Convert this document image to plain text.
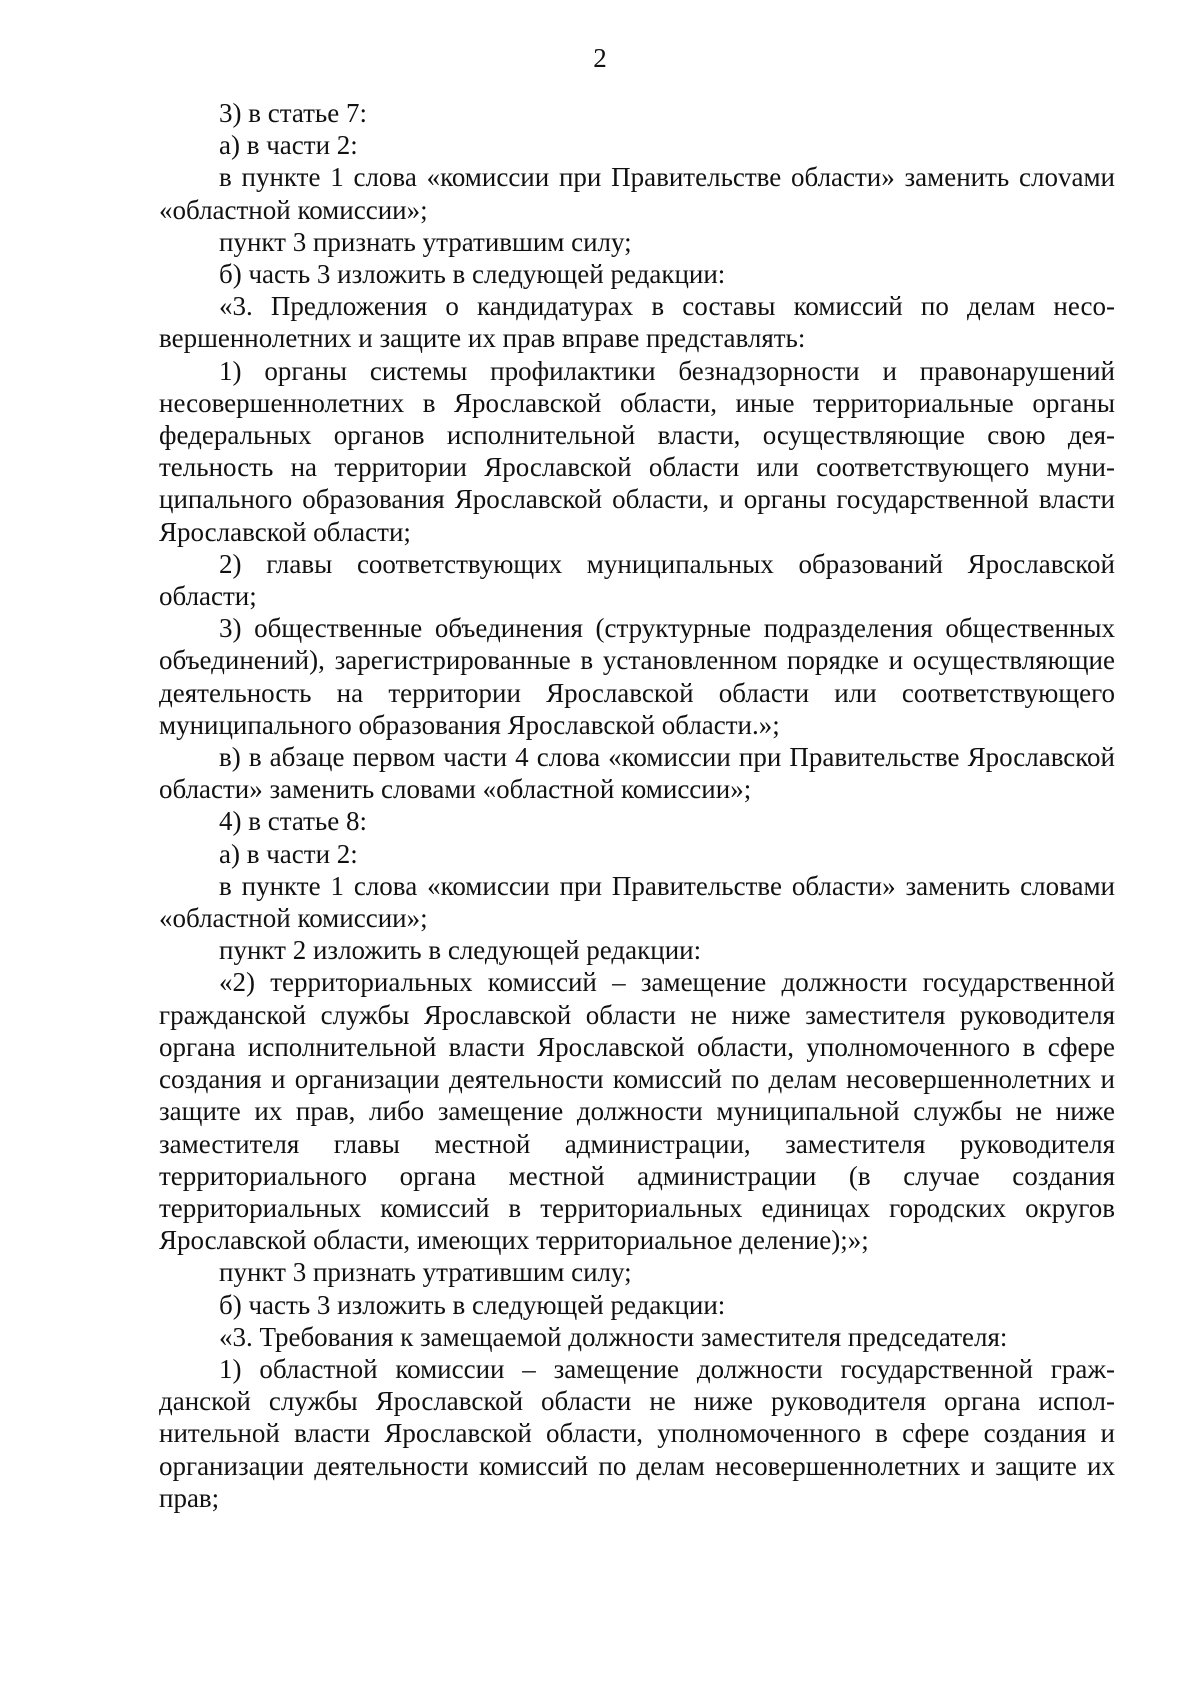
2

3) в статье 7:

а) в части 2:

в пункте 1 слова «комиссии при Правительстве области» заменить слоvами «областной комиссии»;

пункт 3 признать утратившим силу;

б) часть 3 изложить в следующей редакции:

«3. Предложения о кандидатурах в составы комиссий по делам несовершеннолетних и защите их прав вправе представлять:

1) органы системы профилактики безнадзорности и правонарушений несовершеннолетних в Ярославской области, иные территориальные органы федеральных органов исполнительной власти, осуществляющие свою деятельность на территории Ярославской области или соответствующего муниципального образования Ярославской области, и органы государственной власти Ярославской области;

2) главы соответствующих муниципальных образований Ярославской области;

3) общественные объединения (структурные подразделения общественных объединений), зарегистрированные в установленном порядке и осуществляющие деятельность на территории Ярославской области или соответствующего муниципального образования Ярославской области.»;

в) в абзаце первом части 4 слова «комиссии при Правительстве Ярославской области» заменить словами «областной комиссии»;

4) в статье 8:

а) в части 2:

в пункте 1 слова «комиссии при Правительстве области» заменить словами «областной комиссии»;

пункт 2 изложить в следующей редакции:

«2) территориальных комиссий – замещение должности государственной гражданской службы Ярославской области не ниже заместителя руководителя органа исполнительной власти Ярославской области, уполномоченного в сфере создания и организации деятельности комиссий по делам несовершеннолетних и защите их прав, либо замещение должности муниципальной службы не ниже заместителя главы местной администрации, заместителя руководителя территориального органа местной администрации (в случае создания территориальных комиссий в территориальных единицах городских округов Ярославской области, имеющих территориальное деление);»;

пункт 3 признать утратившим силу;

б) часть 3 изложить в следующей редакции:

«3. Требования к замещаемой должности заместителя председателя:

1) областной комиссии – замещение должности государственной гражданской службы Ярославской области не ниже руководителя органа исполнительной власти Ярославской области, уполномоченного в сфере создания и организации деятельности комиссий по делам несовершеннолетних и защите их прав;
